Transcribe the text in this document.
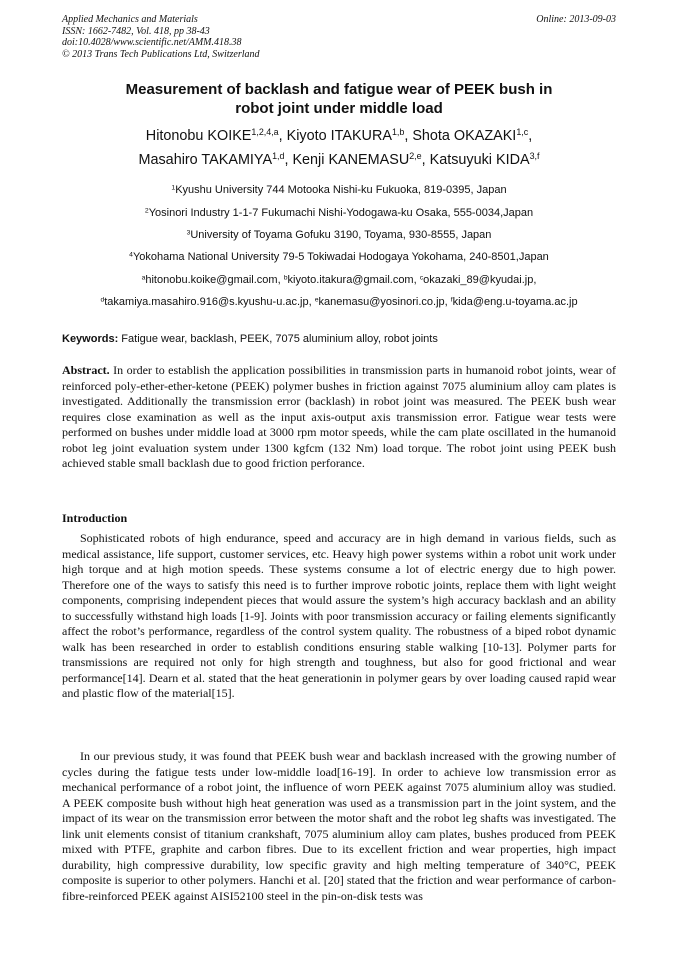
Applied Mechanics and Materials
ISSN: 1662-7482, Vol. 418, pp 38-43
doi:10.4028/www.scientific.net/AMM.418.38
© 2013 Trans Tech Publications Ltd, Switzerland
Online: 2013-09-03
Measurement of backlash and fatigue wear of PEEK bush in
robot joint under middle load
Hitonobu KOIKE$^{1,2,4,a}$, Kiyoto ITAKURA$^{1,b}$, Shota OKAZAKI$^{1,c}$,
Masahiro TAKAMIYA$^{1,d}$, Kenji KANEMASU$^{2,e}$, Katsuyuki KIDA$^{3,f}$
$^1$Kyushu University 744 Motooka Nishi-ku Fukuoka, 819-0395, Japan
$^2$Yosinori Industry 1-1-7 Fukumachi Nishi-Yodogawa-ku Osaka, 555-0034,Japan
$^3$University of Toyama Gofuku 3190, Toyama, 930-8555, Japan
$^4$Yokohama National University 79-5 Tokiwadai Hodogaya Yokohama, 240-8501,Japan
$^a$hitonobu.koike@gmail.com, $^b$kiyoto.itakura@gmail.com, $^c$okazaki_89@kyudai.jp,
$^d$takamiya.masahiro.916@s.kyushu-u.ac.jp, $^e$kanemasu@yosinori.co.jp, $^f$kida@eng.u-toyama.ac.jp
Keywords: Fatigue wear, backlash, PEEK, 7075 aluminium alloy, robot joints
Abstract. In order to establish the application possibilities in transmission parts in humanoid robot joints, wear of reinforced poly-ether-ether-ketone (PEEK) polymer bushes in friction against 7075 aluminium alloy cam plates is investigated. Additionally the transmission error (backlash) in robot joint was measured. The PEEK bush wear requires close examination as well as the input axis-output axis transmission error. Fatigue wear tests were performed on bushes under middle load at 3000 rpm motor speeds, while the cam plate oscillated in the humanoid robot leg joint evaluation system under 1300 kgfcm (132 Nm) load torque. The robot joint using PEEK bush achieved stable small backlash due to good friction perforance.
Introduction
Sophisticated robots of high endurance, speed and accuracy are in high demand in various fields, such as medical assistance, life support, customer services, etc. Heavy high power systems within a robot unit work under high torque and at high motion speeds. These systems consume a lot of electric energy due to high power. Therefore one of the ways to satisfy this need is to further improve robotic joints, replace them with light weight components, comprising independent pieces that would assure the system’s high accuracy backlash and an ability to successfully withstand high loads [1-9]. Joints with poor transmission accuracy or failing elements significantly affect the robot’s performance, regardless of the control system quality. The robustness of a biped robot dynamic walk has been researched in order to establish conditions ensuring stable walking [10-13]. Polymer parts for transmissions are required not only for high strength and toughness, but also for good frictional and wear performance[14]. Dearn et al. stated that the heat generationin in polymer gears by over loading caused rapid wear and plastic flow of the material[15].
In our previous study, it was found that PEEK bush wear and backlash increased with the growing number of cycles during the fatigue tests under low-middle load[16-19]. In order to achieve low transmission error as mechanical performance of a robot joint, the influence of worn PEEK against 7075 aluminium alloy was studied. A PEEK composite bush without high heat generation was used as a transmission part in the joint system, and the impact of its wear on the transmission error between the motor shaft and the robot leg shafts was investigated. The link unit elements consist of titanium crankshaft, 7075 aluminium alloy cam plates, bushes produced from PEEK mixed with PTFE, graphite and carbon fibres. Due to its excellent friction and wear properties, high impact durability, high compressive durability, low specific gravity and high melting temperature of 340°C, PEEK composite is superior to other polymers. Hanchi et al. [20] stated that the friction and wear performance of carbon-fibre-reinforced PEEK against AISI52100 steel in the pin-on-disk tests was
